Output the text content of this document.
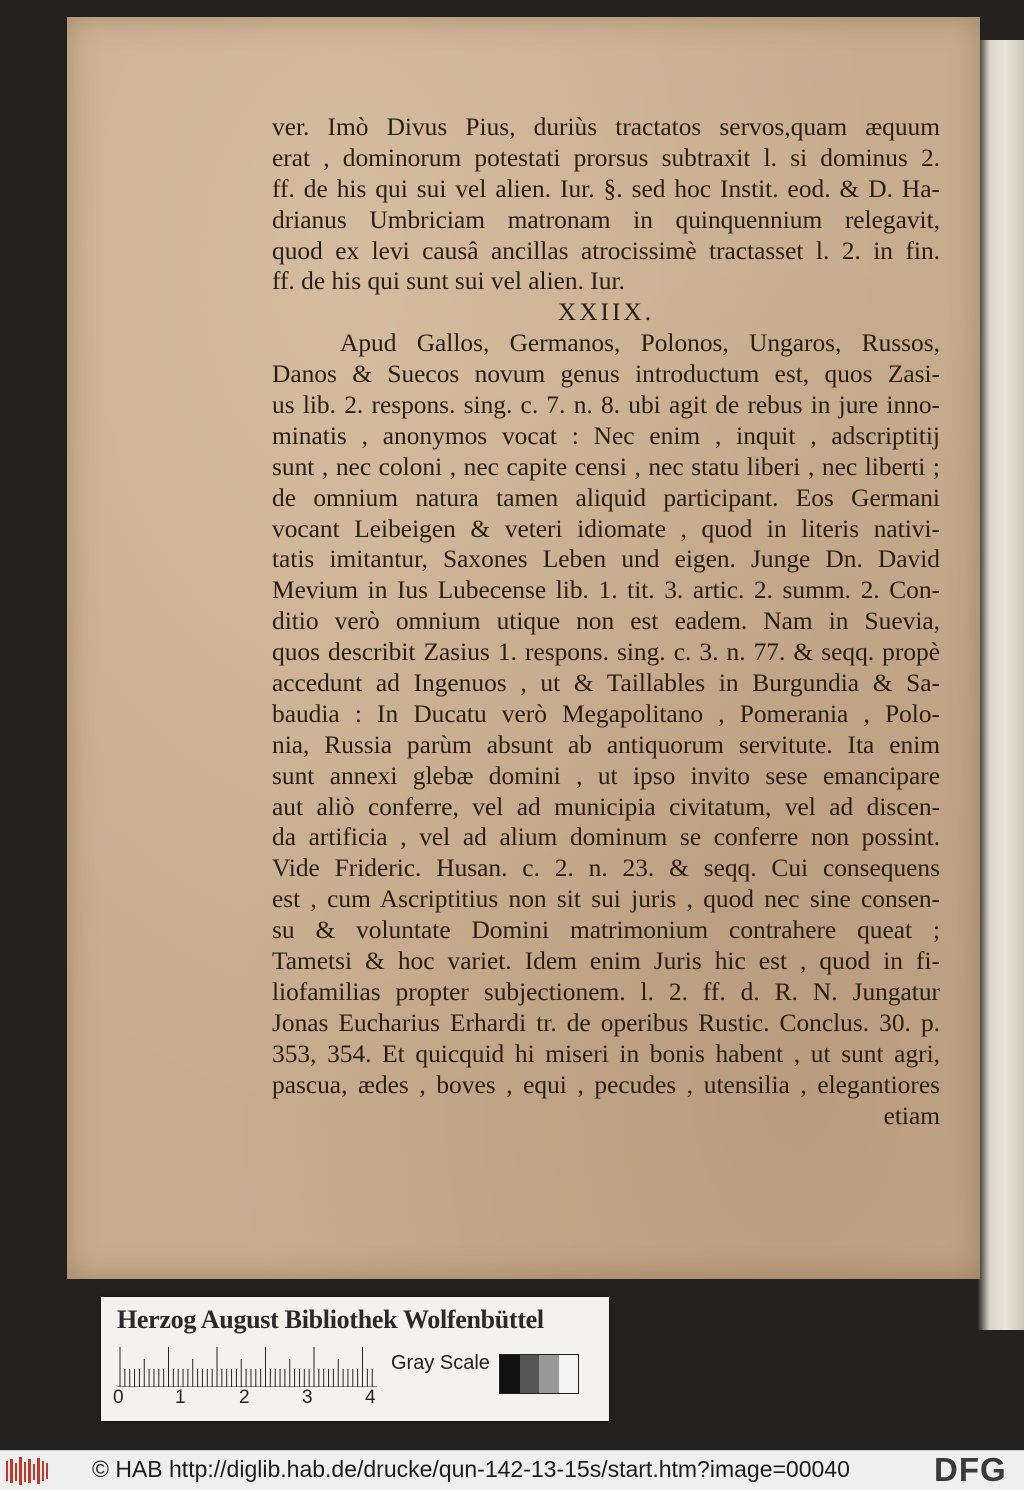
ver. Imò Divus Pius, duriùs tractatos servos,quam æquum
erat , dominorum potestati prorsus subtraxit l. si dominus 2.
ff. de his qui sui vel alien. Iur. §. sed hoc Instit. eod. & D. Ha-
drianus Umbriciam matronam in quinquennium relegavit,
quod ex levi causâ ancillas atrocissimè tractasset l. 2. in fin.
ff. de his qui sunt sui vel alien. Iur.
XXIIX.
Apud Gallos, Germanos, Polonos, Ungaros, Russos,
Danos & Suecos novum genus introductum est, quos Zasi-
us lib. 2. respons. sing. c. 7. n. 8. ubi agit de rebus in jure inno-
minatis , anonymos vocat : Nec enim , inquit , adscriptitij
sunt , nec coloni , nec capite censi , nec statu liberi , nec liberti ;
de omnium natura tamen aliquid participant. Eos Germani
vocant Leibeigen & veteri idiomate , quod in literis nativi-
tatis imitantur, Saxones Leben und eigen. Junge Dn. David
Mevium in Ius Lubecense lib. 1. tit. 3. artic. 2. summ. 2. Con-
ditio verò omnium utique non est eadem. Nam in Suevia,
quos describit Zasius 1. respons. sing. c. 3. n. 77. & seqq. propè
accedunt ad Ingenuos , ut & Taillables in Burgundia & Sa-
baudia : In Ducatu verò Megapolitano , Pomerania , Polo-
nia, Russia parùm absunt ab antiquorum servitute. Ita enim
sunt annexi glebæ domini , ut ipso invito sese emancipare
aut aliò conferre, vel ad municipia civitatum, vel ad discen-
da artificia , vel ad alium dominum se conferre non possint.
Vide Frideric. Husan. c. 2. n. 23. & seqq. Cui consequens
est , cum Ascriptitius non sit sui juris , quod nec sine consen-
su & voluntate Domini matrimonium contrahere queat ;
Tametsi & hoc variet. Idem enim Juris hic est , quod in fi-
liofamilias propter subjectionem. l. 2. ff. d. R. N. Jungatur
Jonas Eucharius Erhardi tr. de operibus Rustic. Conclus. 30. p.
353, 354. Et quicquid hi miseri in bonis habent , ut sunt agri,
pascua, ædes , boves , equi , pecudes , utensilia , elegantiores
etiam
Herzog August Bibliothek Wolfenbüttel
0	1	2	3	4
Gray Scale
© HAB http://diglib.hab.de/drucke/qun-142-13-15s/start.htm?image=00040	DFG
